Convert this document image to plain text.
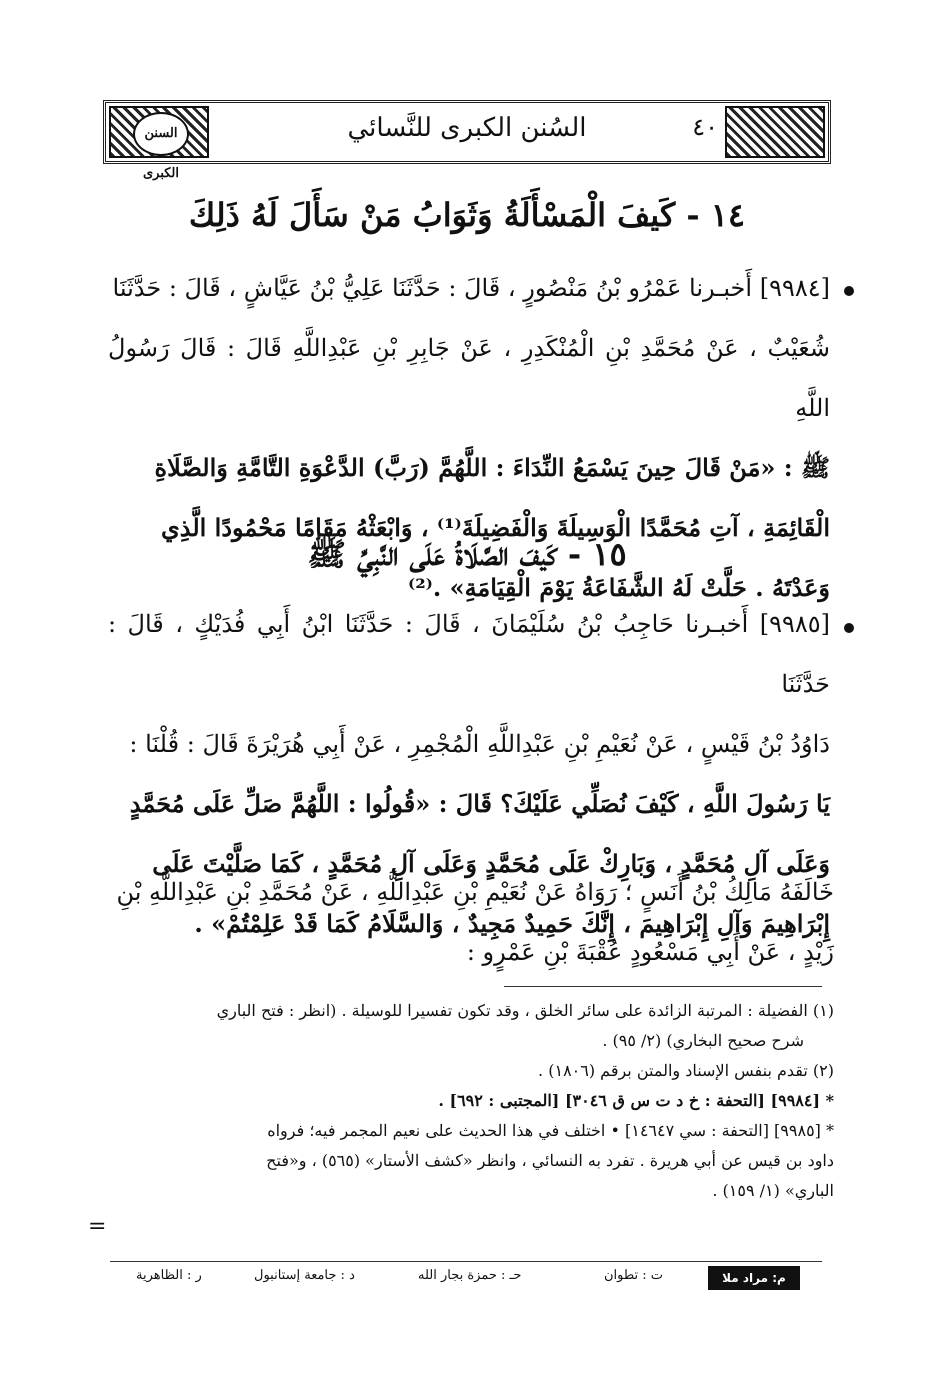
السنن الكبرى
السُنن الكبرى للنَّسائي	٤٠
١٤ - كَيفَ الْمَسْأَلَةُ وَثَوَابُ مَنْ سَأَلَ لَهُ ذَلِكَ
[٩٩٨٤] أَخبـرنا عَمْرُو بْنُ مَنْصُورٍ ، قَالَ : حَدَّثَنَا عَلِيُّ بْنُ عَيَّاشٍ ، قَالَ : حَدَّثَنَا
شُعَيْبٌ ، عَنْ مُحَمَّدِ بْنِ الْمُنْكَدِرِ ، عَنْ جَابِرِ بْنِ عَبْدِاللَّهِ قَالَ : قَالَ رَسُولُ اللَّهِ
ﷺ : «مَنْ قَالَ حِينَ يَسْمَعُ النِّدَاءَ : اللَّهُمَّ (رَبَّ) الدَّعْوَةِ التَّامَّةِ وَالصَّلَاةِ
الْقَائِمَةِ ، آتِ مُحَمَّدًا الْوَسِيلَةَ وَالْفَضِيلَةَ⁽¹⁾ ، وَابْعَثْهُ مَقَامًا مَحْمُودًا الَّذِي
وَعَدْتَهُ . حَلَّتْ لَهُ الشَّفَاعَةُ يَوْمَ الْقِيَامَةِ» .⁽²⁾
١٥ - كَيفَ الصَّلَاةُ عَلَى النَّبِيِّ ﷺ
[٩٩٨٥] أَخبـرنا حَاجِبُ بْنُ سُلَيْمَانَ ، قَالَ : حَدَّثَنَا ابْنُ أَبِي فُدَيْكٍ ، قَالَ : حَدَّثَنَا
دَاوُدُ بْنُ قَيْسٍ ، عَنْ نُعَيْمِ بْنِ عَبْدِاللَّهِ الْمُجْمِرِ ، عَنْ أَبِي هُرَيْرَةَ قَالَ : قُلْنَا :
يَا رَسُولَ اللَّهِ ، كَيْفَ نُصَلِّي عَلَيْكَ؟ قَالَ : «قُولُوا : اللَّهُمَّ صَلِّ عَلَى مُحَمَّدٍ
وَعَلَى آلِ مُحَمَّدٍ ، وَبَارِكْ عَلَى مُحَمَّدٍ وَعَلَى آلِ مُحَمَّدٍ ، كَمَا صَلَّيْتَ عَلَى
إِبْرَاهِيمَ وَآلِ إِبْرَاهِيمَ ، إِنَّكَ حَمِيدٌ مَجِيدٌ ، وَالسَّلَامُ كَمَا قَدْ عَلِمْتُمْ» .
خَالَفَهُ مَالِكُ بْنُ أَنَسٍ ؛ رَوَاهُ عَنْ نُعَيْمِ بْنِ عَبْدِاللَّهِ ، عَنْ مُحَمَّدِ بْنِ عَبْدِاللَّهِ بْنِ
زَيْدٍ ، عَنْ أَبِي مَسْعُودٍ عُقْبَةَ بْنِ عَمْرٍو :
(١) الفضيلة : المرتبة الزائدة على سائر الخلق ، وقد تكون تفسيرا للوسيلة . (انظر : فتح الباري
شرح صحيح البخاري) (٢/ ٩٥) .
(٢) تقدم بنفس الإسناد والمتن برقم (١٨٠٦) .
* [٩٩٨٤] [التحفة : خ د ت س ق ٣٠٤٦] [المجتبى : ٦٩٢] .
* [٩٩٨٥] [التحفة : سي ١٤٦٤٧] • اختلف في هذا الحديث على نعيم المجمر فيه؛ فرواه
داود بن قيس عن أبي هريرة . تفرد به النسائي ، وانظر «كشف الأستار» (٥٦٥) ، و«فتح
الباري» (١/ ١٥٩) .
=
م: مراد ملا
ت : تطوان
حـ : حمزة بجار الله
د : جامعة إستانبول
ر : الظاهرية
